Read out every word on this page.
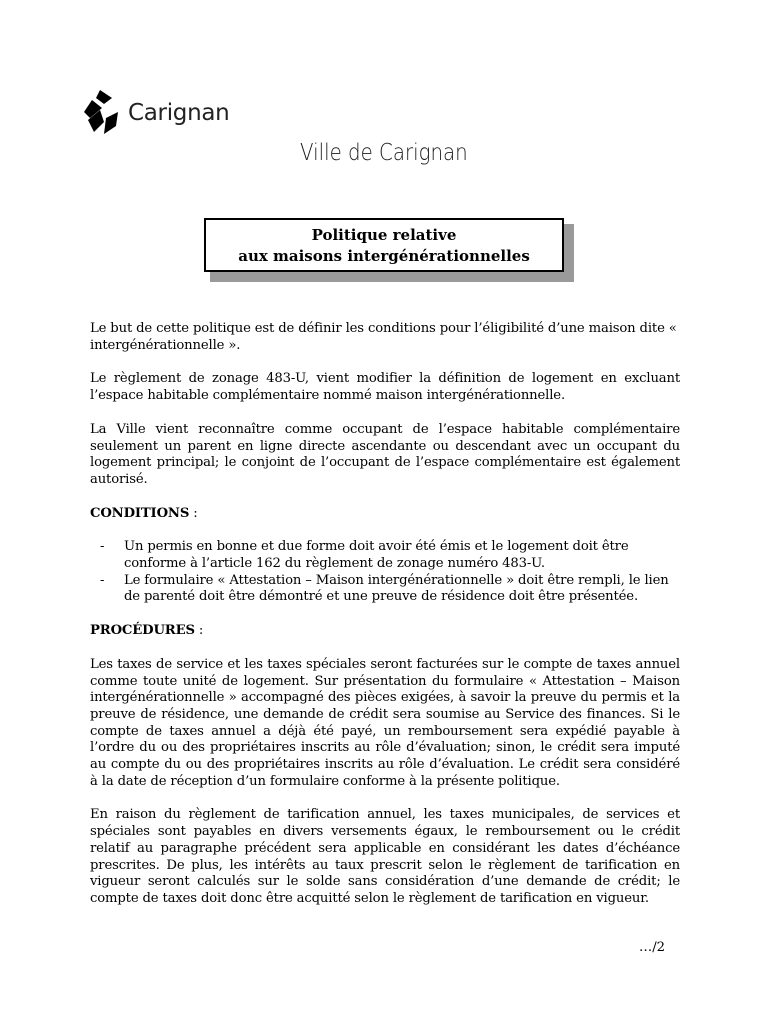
Carignan
Ville de Carignan
Politique relative
aux maisons intergénérationnelles

Le but de cette politique est de définir les conditions pour l’éligibilité d’une maison dite « intergénérationnelle ».

Le règlement de zonage 483-U, vient modifier la définition de logement en excluant l’espace habitable complémentaire nommé maison intergénérationnelle.

La Ville vient reconnaître comme occupant de l’espace habitable complémentaire seulement un parent en ligne directe ascendante ou descendant avec un occupant du logement principal; le conjoint de l’occupant de l’espace complémentaire est également autorisé.

CONDITIONS :
- Un permis en bonne et due forme doit avoir été émis et le logement doit être conforme à l’article 162 du règlement de zonage numéro 483-U.
- Le formulaire « Attestation – Maison intergénérationnelle » doit être rempli, le lien de parenté doit être démontré et une preuve de résidence doit être présentée.
PROCÉDURES :

Les taxes de service et les taxes spéciales seront facturées sur le compte de taxes annuel comme toute unité de logement. Sur présentation du formulaire « Attestation – Maison intergénérationnelle » accompagné des pièces exigées, à savoir la preuve du permis et la preuve de résidence, une demande de crédit sera soumise au Service des finances. Si le compte de taxes annuel a déjà été payé, un remboursement sera expédié payable à l’ordre du ou des propriétaires inscrits au rôle d’évaluation; sinon, le crédit sera imputé au compte du ou des propriétaires inscrits au rôle d’évaluation. Le crédit sera considéré à la date de réception d’un formulaire conforme à la présente politique.

En raison du règlement de tarification annuel, les taxes municipales, de services et spéciales sont payables en divers versements égaux, le remboursement ou le crédit relatif au paragraphe précédent sera applicable en considérant les dates d’échéance prescrites. De plus, les intérêts au taux prescrit selon le règlement de tarification en vigueur seront calculés sur le solde sans considération d’une demande de crédit; le compte de taxes doit donc être acquitté selon le règlement de tarification en vigueur.

…/2
